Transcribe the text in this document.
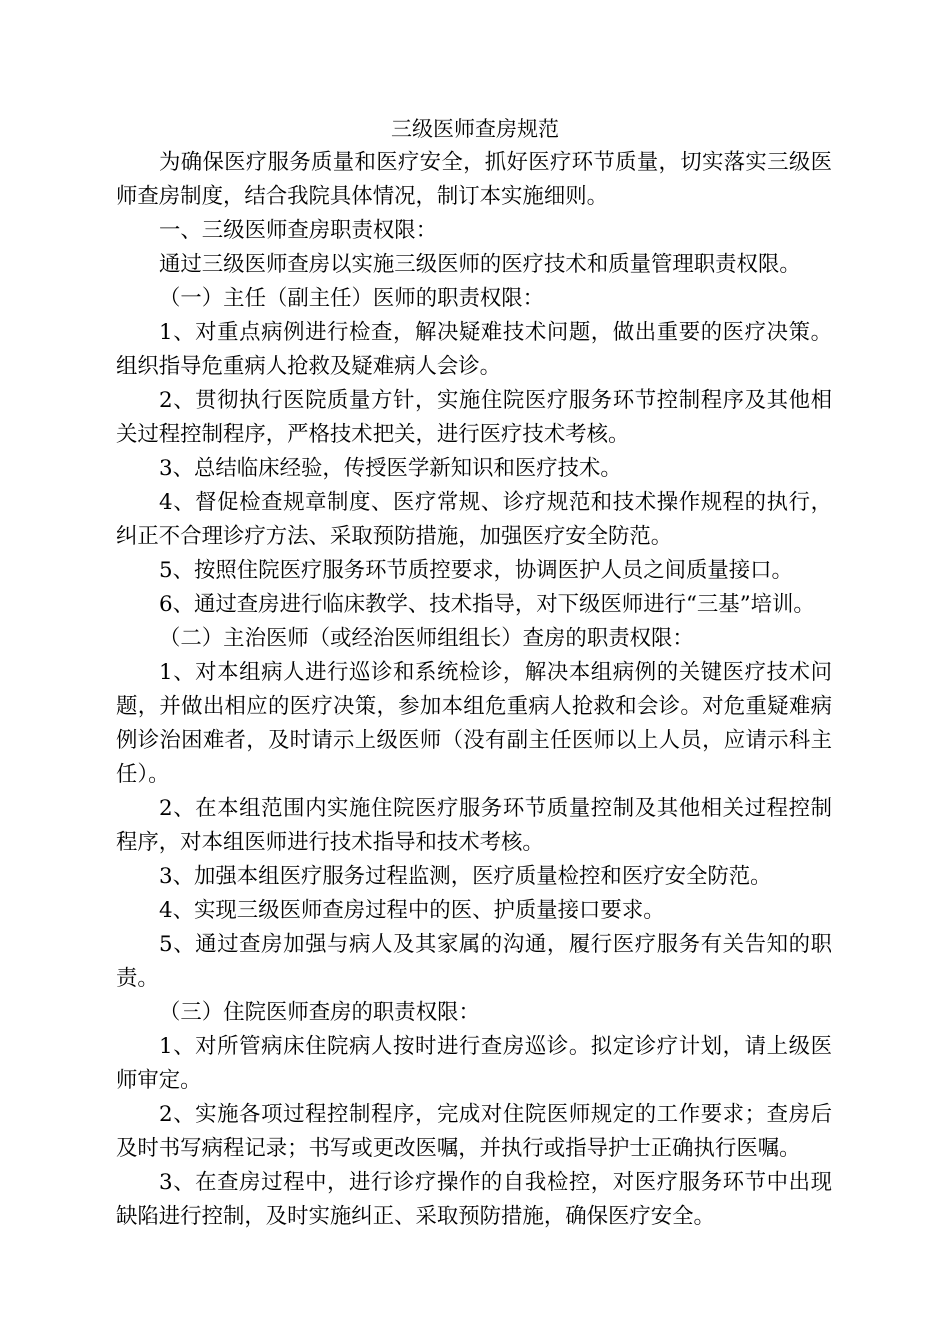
三级医师查房规范

为确保医疗服务质量和医疗安全，抓好医疗环节质量，切实落实三级医师查房制度，结合我院具体情况，制订本实施细则。

一、三级医师查房职责权限：

通过三级医师查房以实施三级医师的医疗技术和质量管理职责权限。

（一）主任（副主任）医师的职责权限：

1、对重点病例进行检查，解决疑难技术问题，做出重要的医疗决策。组织指导危重病人抢救及疑难病人会诊。

2、贯彻执行医院质量方针，实施住院医疗服务环节控制程序及其他相关过程控制程序，严格技术把关，进行医疗技术考核。

3、总结临床经验，传授医学新知识和医疗技术。

4、督促检查规章制度、医疗常规、诊疗规范和技术操作规程的执行，纠正不合理诊疗方法、采取预防措施，加强医疗安全防范。

5、按照住院医疗服务环节质控要求，协调医护人员之间质量接口。

6、通过查房进行临床教学、技术指导，对下级医师进行“三基”培训。

（二）主治医师（或经治医师组组长）查房的职责权限：

1、对本组病人进行巡诊和系统检诊，解决本组病例的关键医疗技术问题，并做出相应的医疗决策，参加本组危重病人抢救和会诊。对危重疑难病例诊治困难者，及时请示上级医师（没有副主任医师以上人员，应请示科主任）。

2、在本组范围内实施住院医疗服务环节质量控制及其他相关过程控制程序，对本组医师进行技术指导和技术考核。

3、加强本组医疗服务过程监测，医疗质量检控和医疗安全防范。

4、实现三级医师查房过程中的医、护质量接口要求。

5、通过查房加强与病人及其家属的沟通，履行医疗服务有关告知的职责。

（三）住院医师查房的职责权限：

1、对所管病床住院病人按时进行查房巡诊。拟定诊疗计划，请上级医师审定。

2、实施各项过程控制程序，完成对住院医师规定的工作要求；查房后及时书写病程记录；书写或更改医嘱，并执行或指导护士正确执行医嘱。

3、在查房过程中，进行诊疗操作的自我检控，对医疗服务环节中出现缺陷进行控制，及时实施纠正、采取预防措施，确保医疗安全。
